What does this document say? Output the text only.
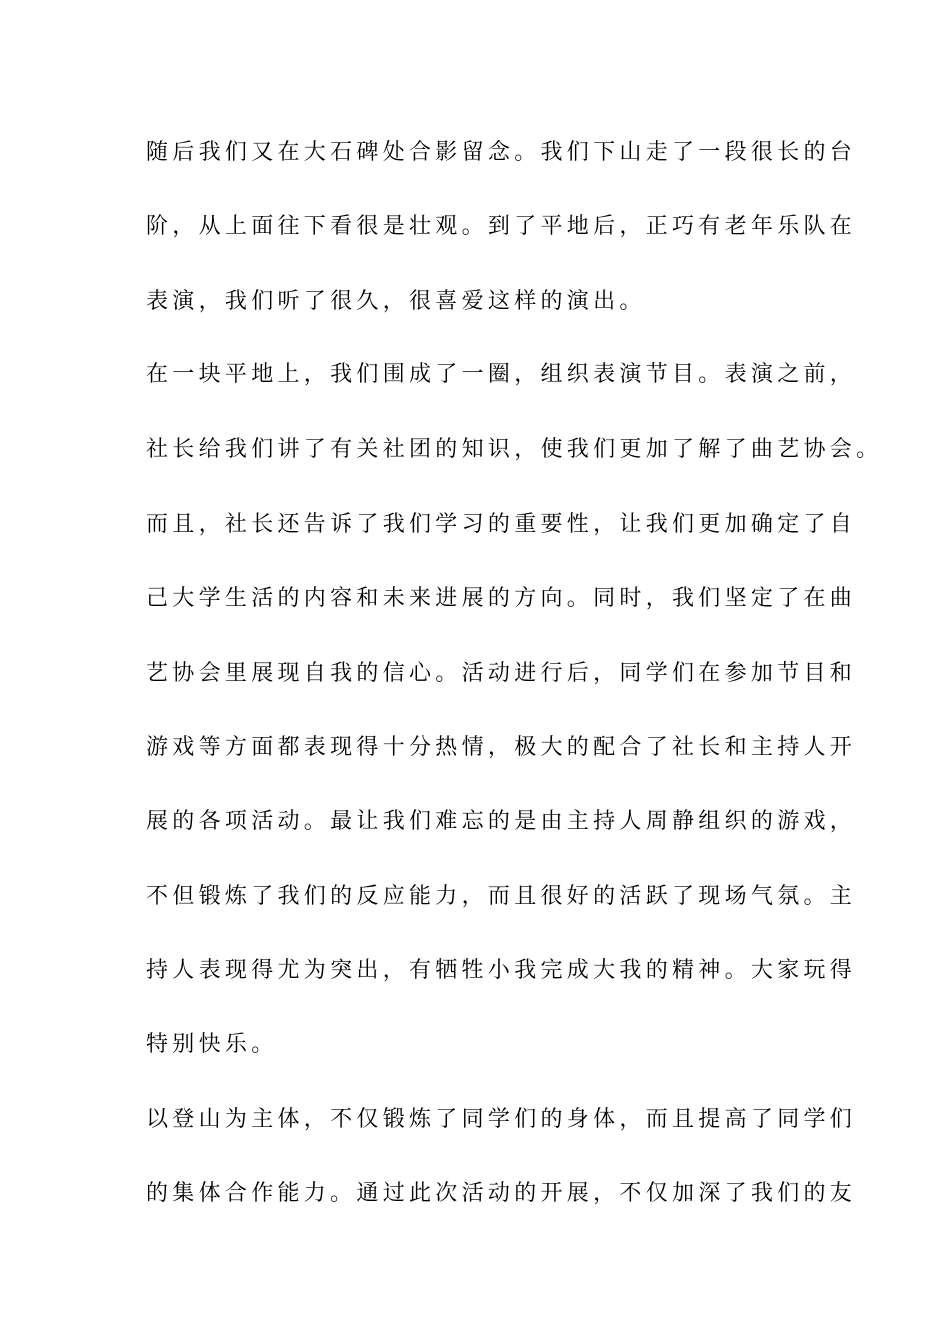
随后我们又在大石碑处合影留念。我们下山走了一段很长的台
阶，从上面往下看很是壮观。到了平地后，正巧有老年乐队在
表演，我们听了很久，很喜爱这样的演出。
在一块平地上，我们围成了一圈，组织表演节目。表演之前，
社长给我们讲了有关社团的知识，使我们更加了解了曲艺协会。
而且，社长还告诉了我们学习的重要性，让我们更加确定了自
己大学生活的内容和未来进展的方向。同时，我们坚定了在曲
艺协会里展现自我的信心。活动进行后，同学们在参加节目和
游戏等方面都表现得十分热情，极大的配合了社长和主持人开
展的各项活动。最让我们难忘的是由主持人周静组织的游戏，
不但锻炼了我们的反应能力，而且很好的活跃了现场气氛。主
持人表现得尤为突出，有牺牲小我完成大我的精神。大家玩得
特别快乐。
以登山为主体，不仅锻炼了同学们的身体，而且提高了同学们
的集体合作能力。通过此次活动的开展，不仅加深了我们的友
